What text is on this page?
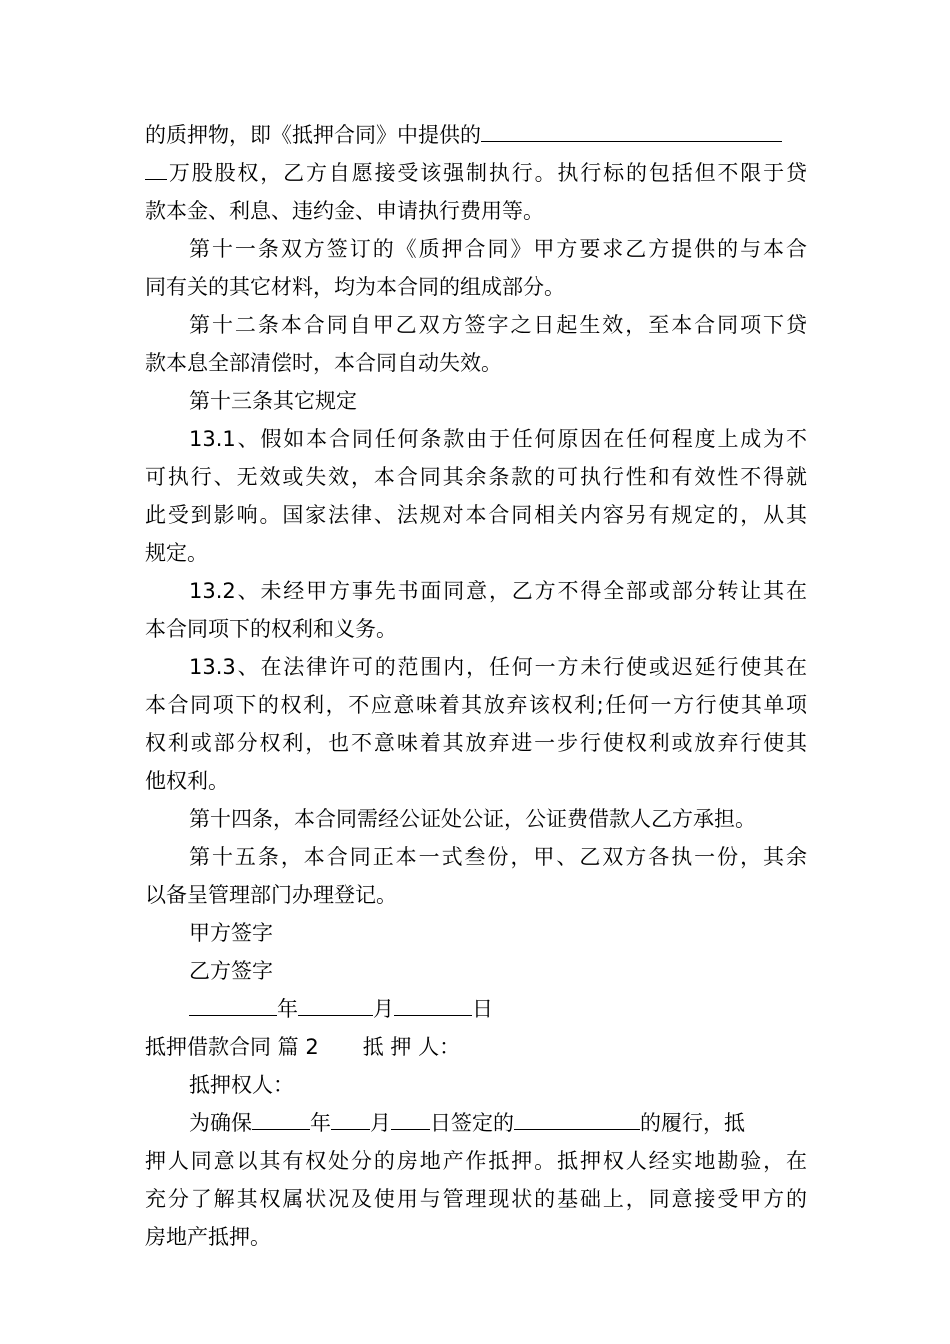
的质押物，即《抵押合同》中提供的
万股股权，乙方自愿接受该强制执行。执行标的包括但不限于贷
款本金、利息、违约金、申请执行费用等。
第十一条双方签订的《质押合同》甲方要求乙方提供的与本合
同有关的其它材料，均为本合同的组成部分。
第十二条本合同自甲乙双方签字之日起生效，至本合同项下贷
款本息全部清偿时，本合同自动失效。
第十三条其它规定
13.1、假如本合同任何条款由于任何原因在任何程度上成为不
可执行、无效或失效，本合同其余条款的可执行性和有效性不得就
此受到影响。国家法律、法规对本合同相关内容另有规定的，从其
规定。
13.2、未经甲方事先书面同意，乙方不得全部或部分转让其在
本合同项下的权利和义务。
13.3、在法律许可的范围内，任何一方未行使或迟延行使其在
本合同项下的权利，不应意味着其放弃该权利;任何一方行使其单项
权利或部分权利，也不意味着其放弃进一步行使权利或放弃行使其
他权利。
第十四条，本合同需经公证处公证，公证费借款人乙方承担。
第十五条，本合同正本一式叁份，甲、乙双方各执一份，其余
以备呈管理部门办理登记。
甲方签字
乙方签字
年	月	日
抵押借款合同 篇 2 抵 押 人：
抵押权人：
为确保	年 月 日签定的	的履行，抵
押人同意以其有权处分的房地产作抵押。抵押权人经实地勘验，在
充分了解其权属状况及使用与管理现状的基础上，同意接受甲方的
房地产抵押。
